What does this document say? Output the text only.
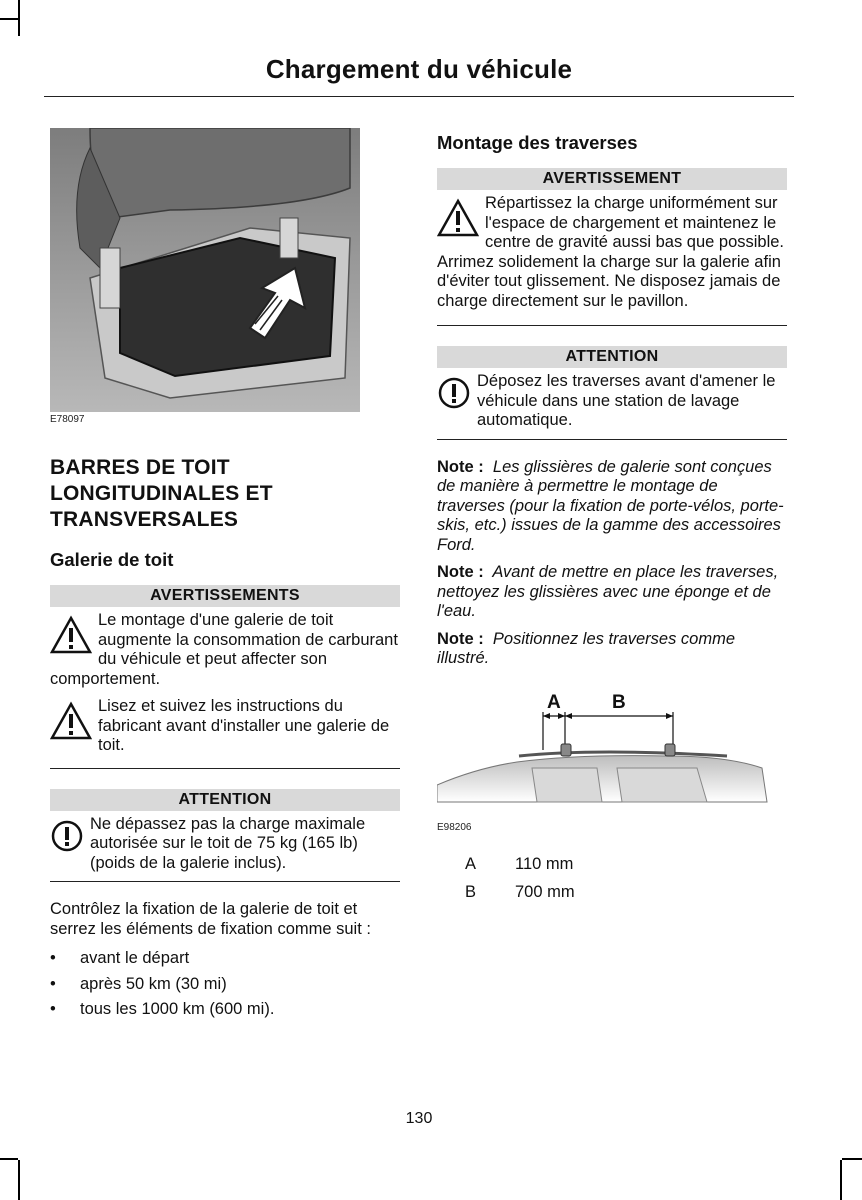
Chargement du véhicule
E78097
BARRES DE TOIT LONGITUDINALES ET TRANSVERSALES
Galerie de toit
AVERTISSEMENTS

Le montage d'une galerie de toit augmente la consommation de carburant du véhicule et peut affecter son comportement.

Lisez et suivez les instructions du fabricant avant d'installer une galerie de toit.

ATTENTION

Ne dépassez pas la charge maximale autorisée sur le toit de 75 kg (165 lb) (poids de la galerie inclus).

Contrôlez la fixation de la galerie de toit et serrez les éléments de fixation comme suit :

• avant le départ
• après 50 km (30 mi)
• tous les 1000 km (600 mi).
Montage des traverses
AVERTISSEMENT

Répartissez la charge uniformément sur l'espace de chargement et maintenez le centre de gravité aussi bas que possible. Arrimez solidement la charge sur la galerie afin d'éviter tout glissement. Ne disposez jamais de charge directement sur le pavillon.

ATTENTION

Déposez les traverses avant d'amener le véhicule dans une station de lavage automatique.

Note : Les glissières de galerie sont conçues de manière à permettre le montage de traverses (pour la fixation de porte-vélos, porte-skis, etc.) issues de la gamme des accessoires Ford.

Note : Avant de mettre en place les traverses, nettoyez les glissières avec une éponge et de l'eau.

Note : Positionnez les traverses comme illustré.

A	B
E98206
A 110 mm
B 700 mm
130
